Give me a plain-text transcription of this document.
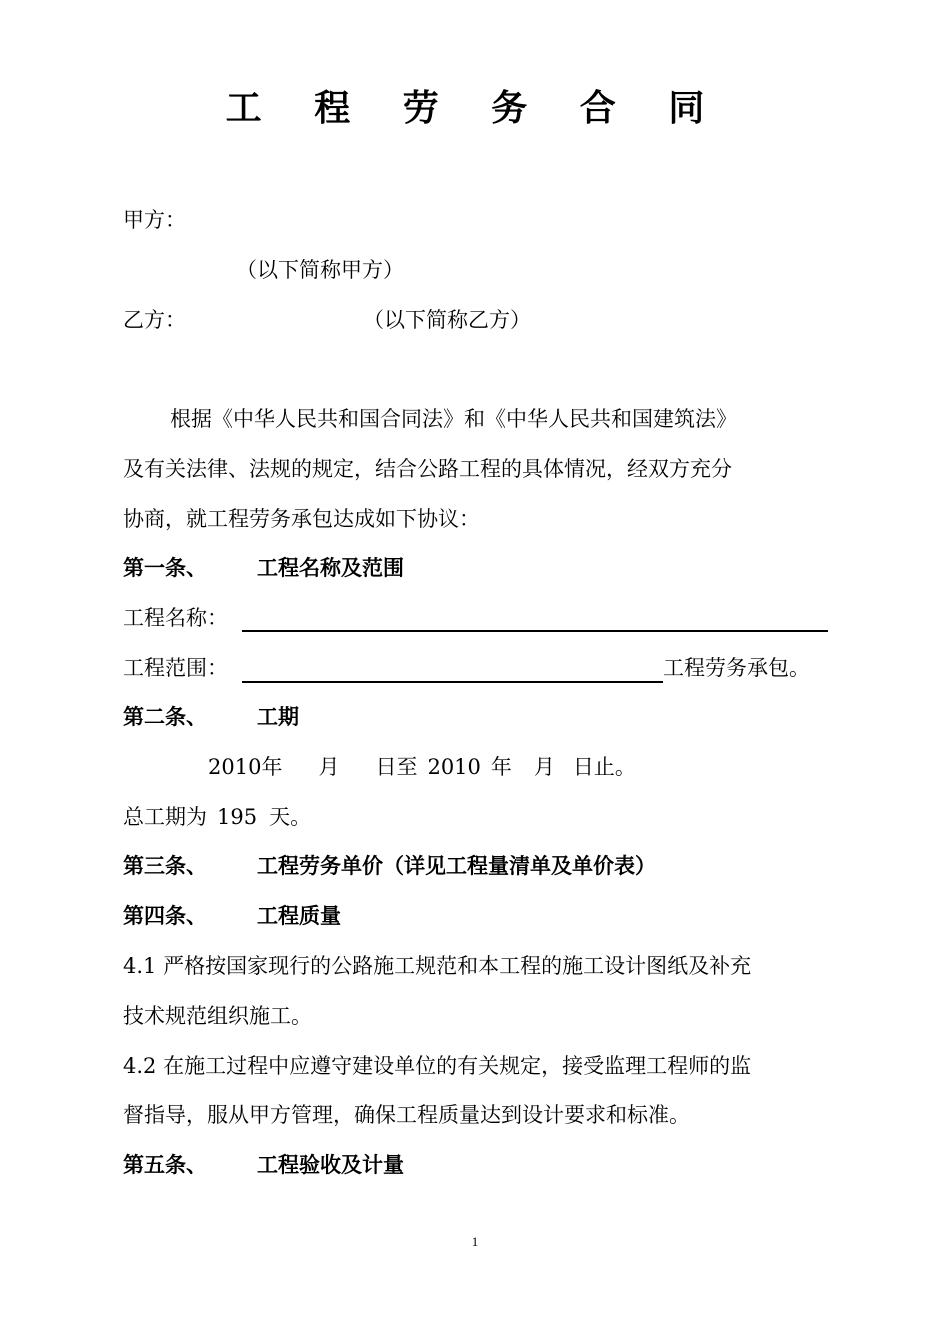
工 程 劳 务 合 同
甲方：
（以下简称甲方）
乙方：	（以下简称乙方）
根据《中华人民共和国合同法》和《中华人民共和国建筑法》
及有关法律、法规的规定，结合公路工程的具体情况，经双方充分
协商，就工程劳务承包达成如下协议：
第一条、 工程名称及范围
工程名称：
工程范围：	工程劳务承包。
第二条、 工期
2010年 月 日至 2010 年 月 日止。
总工期为 195 天。
第三条、 工程劳务单价（详见工程量清单及单价表）
第四条、 工程质量
4.1 严格按国家现行的公路施工规范和本工程的施工设计图纸及补充
技术规范组织施工。
4.2 在施工过程中应遵守建设单位的有关规定，接受监理工程师的监
督指导，服从甲方管理，确保工程质量达到设计要求和标准。
第五条、 工程验收及计量
1
